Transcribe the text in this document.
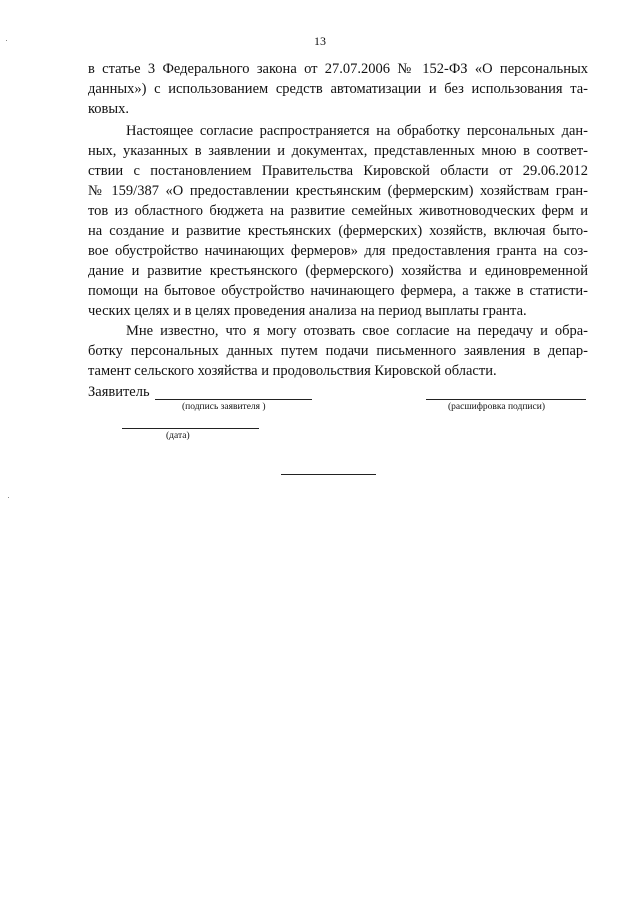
13
в статье 3 Федерального закона от 27.07.2006 № 152-ФЗ «О персональных
данных») с использованием средств автоматизации и без использования та-
ковых.
Настоящее согласие распространяется на обработку персональных дан-
ных, указанных в заявлении и документах, представленных мною в соответ-
ствии с постановлением Правительства Кировской области от 29.06.2012
№ 159/387 «О предоставлении крестьянским (фермерским) хозяйствам гран-
тов из областного бюджета на развитие семейных животноводческих ферм и
на создание и развитие крестьянских (фермерских) хозяйств, включая быто-
вое обустройство начинающих фермеров» для предоставления гранта на соз-
дание и развитие крестьянского (фермерского) хозяйства и единовременной
помощи на бытовое обустройство начинающего фермера, а также в статисти-
ческих целях и в целях проведения анализа на период выплаты гранта.
Мне известно, что я могу отозвать свое согласие на передачу и обра-
ботку персональных данных путем подачи письменного заявления в депар-
тамент сельского хозяйства и продовольствия Кировской области.
Заявитель
(подпись заявителя )	(расшифровка подписи)
(дата)
